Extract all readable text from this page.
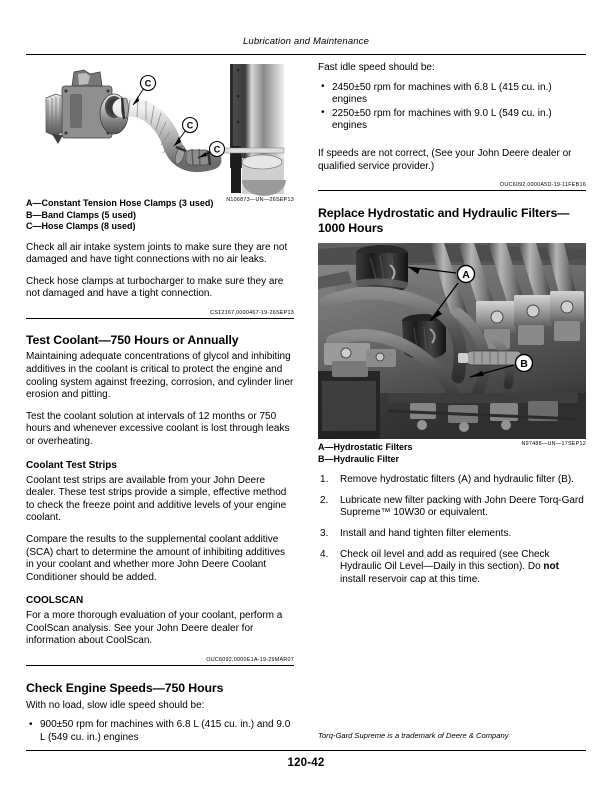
Lubrication and Maintenance
C
C
C
N106873—UN—26SEP13
A—Constant Tension Hose Clamps (3 used)
B—Band Clamps (5 used)
C—Hose Clamps (8 used)

Check all air intake system joints to make sure they are not damaged and have tight connections with no air leaks.

Check hose clamps at turbocharger to make sure they are not damaged and have a tight connection.

CS12167,0000467-19-26SEP13
Test Coolant—750 Hours or Annually

Maintaining adequate concentrations of glycol and inhibiting additives in the coolant is critical to protect the engine and cooling system against freezing, corrosion, and cylinder liner erosion and pitting.

Test the coolant solution at intervals of 12 months or 750 hours and whenever excessive coolant is lost through leaks or overheating.

Coolant Test Strips

Coolant test strips are available from your John Deere dealer. These test strips provide a simple, effective method to check the freeze point and additive levels of your engine coolant.

Compare the results to the supplemental coolant additive (SCA) chart to determine the amount of inhibiting additives in your coolant and whether more John Deere Coolant Conditioner should be added.

COOLSCAN

For a more thorough evaluation of your coolant, perform a CoolScan analysis. See your John Deere dealer for information about CoolScan.

OUC6092,0000E1A-19-29MAR07
Check Engine Speeds—750 Hours

With no load, slow idle speed should be:

• 900±50 rpm for machines with 6.8 L (415 cu. in.) and 9.0 L (549 cu. in.) engines

Fast idle speed should be:

• 2450±50 rpm for machines with 6.8 L (415 cu. in.) engines
• 2250±50 rpm for machines with 9.0 L (549 cu. in.) engines

If speeds are not correct, (See your John Deere dealer or qualified service provider.)

OUC6092,0000A5D-19-11FEB16
Replace Hydrostatic and Hydraulic Filters—1000 Hours
A
B
N97488—UN—17SEP12
A—Hydrostatic Filters
B—Hydraulic Filter
Remove hydrostatic filters (A) and hydraulic filter (B).
Lubricate new filter packing with John Deere Torq-Gard Supreme™ 10W30 or equivalent.
Install and hand tighten filter elements.
Check oil level and add as required (see Check Hydraulic Oil Level—Daily in this section). Do not install reservoir cap at this time.
Torq-Gard Supreme is a trademark of Deere & Company
120-42
